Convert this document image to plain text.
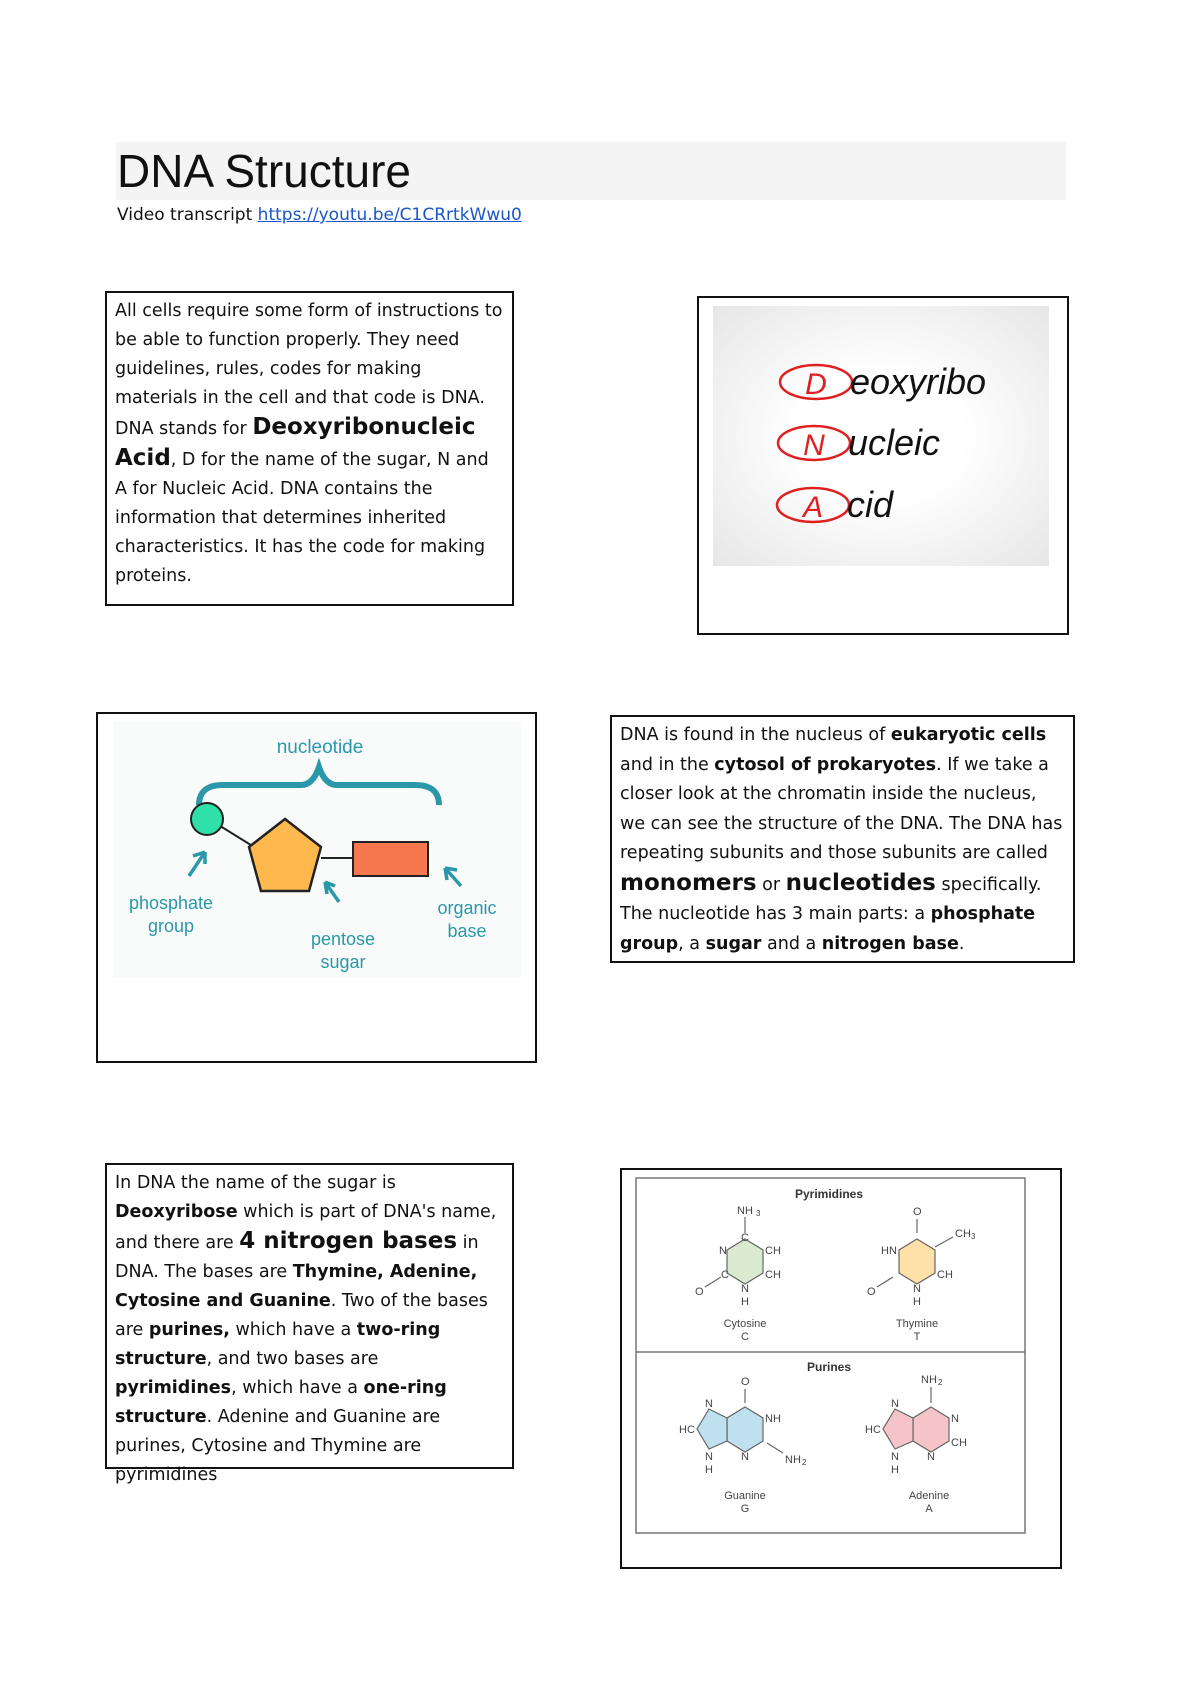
DNA Structure
Video transcript https://youtu.be/C1CRrtkWwu0
All cells require some form of instructions to be able to function properly. They need guidelines, rules, codes for making materials in the cell and that code is DNA. DNA stands for Deoxyribonucleic Acid, D for the name of the sugar, N and A for Nucleic Acid. DNA contains the information that determines inherited characteristics. It has the code for making proteins.
D eoxyribo
N ucleic
A cid
nucleotide
phosphate
group
pentose
sugar
organic
base
DNA is found in the nucleus of eukaryotic cells and in the cytosol of prokaryotes. If we take a closer look at the chromatin inside the nucleus, we can see the structure of the DNA. The DNA has repeating subunits and those subunits are called monomers or nucleotides specifically. The nucleotide has 3 main parts: a phosphate group, a sugar and a nitrogen base.
In DNA the name of the sugar is Deoxyribose which is part of DNA's name, and there are 4 nitrogen bases in DNA. The bases are Thymine, Adenine, Cytosine and Guanine. Two of the bases are purines, which have a two-ring structure, and two bases are pyrimidines, which have a one-ring structure. Adenine and Guanine are purines, Cytosine and Thymine are pyrimidines
Pyrimidines
Purines
NH 3
C
CH
CH
N
H
N
C
O
Cytosine
C
O
CH 3
CH
N
H
HN
O
Thymine
T
O
NH
NH 2
N
N
HC
N
H
Guanine
G
NH 2
N
CH
N
N
HC
N
H
Adenine
A
